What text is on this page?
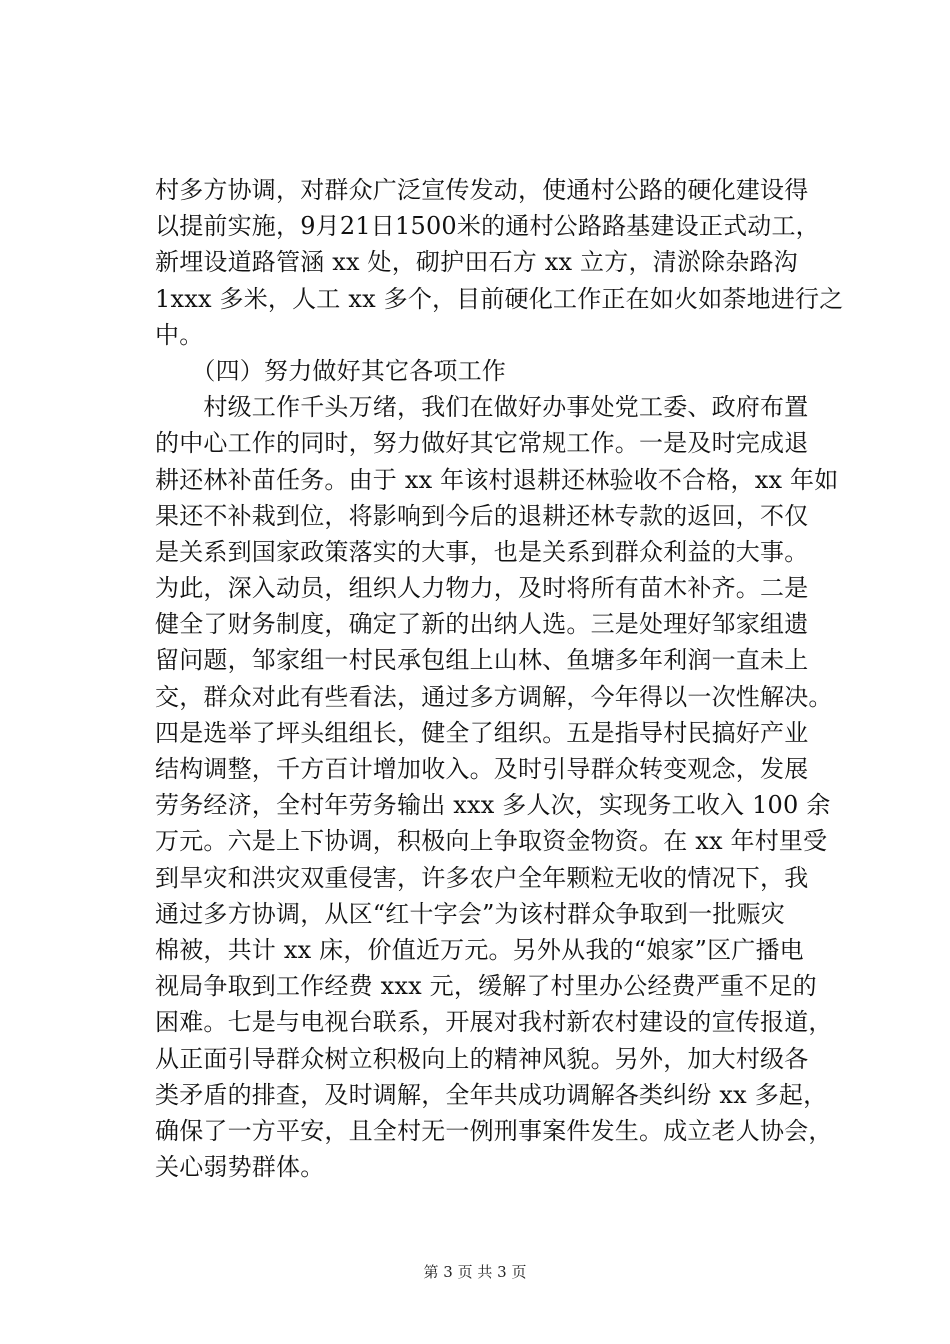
村多方协调，对群众广泛宣传发动，使通村公路的硬化建设得
以提前实施，9月21日1500米的通村公路路基建设正式动工，
新埋设道路管涵 xx 处，砌护田石方 xx 立方，清淤除杂路沟
1xxx 多米，人工 xx 多个，目前硬化工作正在如火如荼地进行之
中。
　　（四）努力做好其它各项工作
　　村级工作千头万绪，我们在做好办事处党工委、政府布置
的中心工作的同时，努力做好其它常规工作。一是及时完成退
耕还林补苗任务。由于 xx 年该村退耕还林验收不合格，xx 年如
果还不补栽到位，将影响到今后的退耕还林专款的返回，不仅
是关系到国家政策落实的大事，也是关系到群众利益的大事。
为此，深入动员，组织人力物力，及时将所有苗木补齐。二是
健全了财务制度，确定了新的出纳人选。三是处理好邹家组遗
留问题，邹家组一村民承包组上山林、鱼塘多年利润一直未上
交，群众对此有些看法，通过多方调解，今年得以一次性解决。
四是选举了坪头组组长，健全了组织。五是指导村民搞好产业
结构调整，千方百计增加收入。及时引导群众转变观念，发展
劳务经济，全村年劳务输出 xxx 多人次，实现务工收入 100 余
万元。六是上下协调，积极向上争取资金物资。在 xx 年村里受
到旱灾和洪灾双重侵害，许多农户全年颗粒无收的情况下，我
通过多方协调，从区“红十字会”为该村群众争取到一批赈灾
棉被，共计 xx 床，价值近万元。另外从我的“娘家”区广播电
视局争取到工作经费 xxx 元，缓解了村里办公经费严重不足的
困难。七是与电视台联系，开展对我村新农村建设的宣传报道，
从正面引导群众树立积极向上的精神风貌。另外，加大村级各
类矛盾的排查，及时调解，全年共成功调解各类纠纷 xx 多起，
确保了一方平安，且全村无一例刑事案件发生。成立老人协会，
关心弱势群体。
第 3 页 共 3 页
